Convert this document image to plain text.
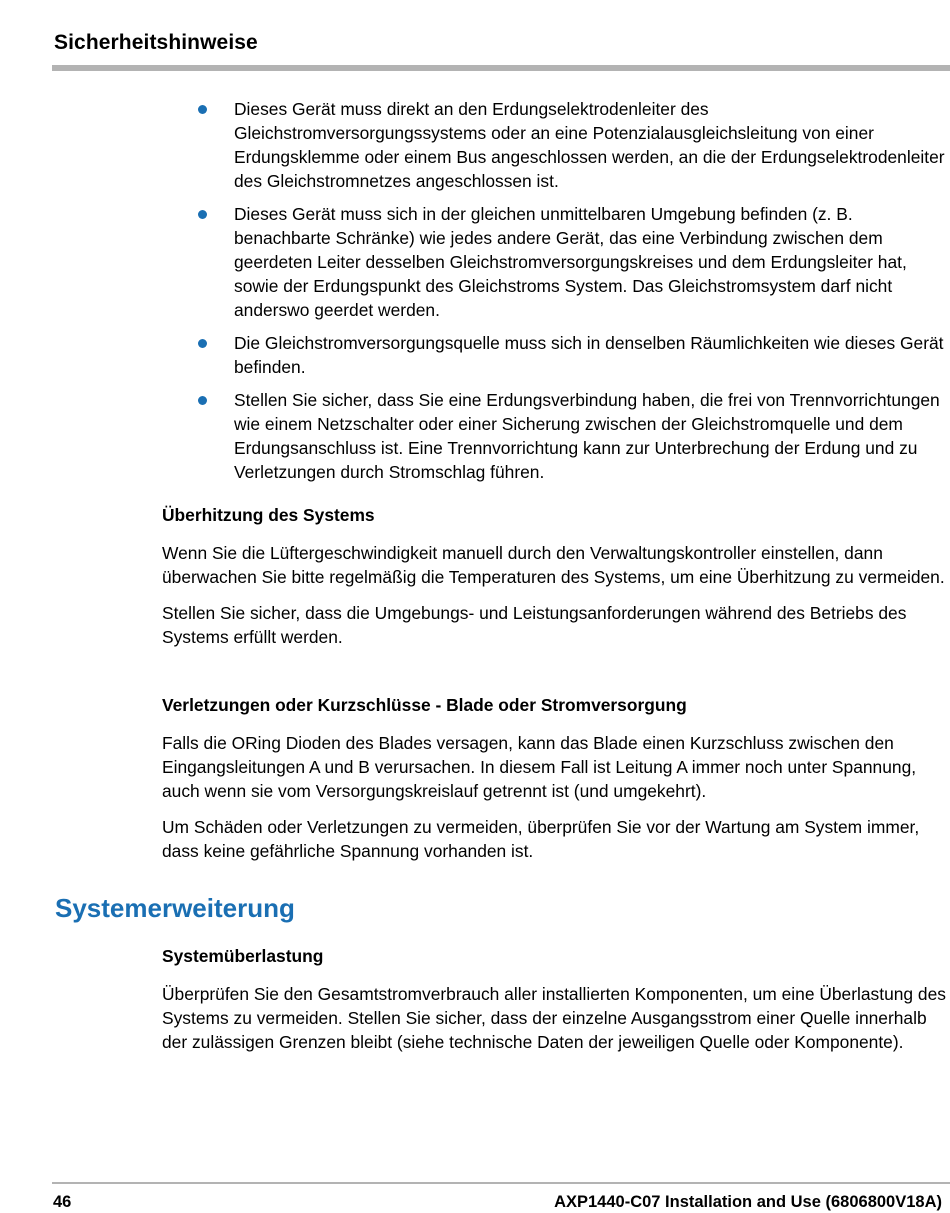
Sicherheitshinweise
Dieses Gerät muss direkt an den Erdungselektrodenleiter des Gleichstromversorgungssystems oder an eine Potenzialausgleichsleitung von einer Erdungsklemme oder einem Bus angeschlossen werden, an die der Erdungselektrodenleiter des Gleichstromnetzes angeschlossen ist.
Dieses Gerät muss sich in der gleichen unmittelbaren Umgebung befinden (z. B. benachbarte Schränke) wie jedes andere Gerät, das eine Verbindung zwischen dem geerdeten Leiter desselben Gleichstromversorgungskreises und dem Erdungsleiter hat, sowie der Erdungspunkt des Gleichstroms System. Das Gleichstromsystem darf nicht anderswo geerdet werden.
Die Gleichstromversorgungsquelle muss sich in denselben Räumlichkeiten wie dieses Gerät befinden.
Stellen Sie sicher, dass Sie eine Erdungsverbindung haben, die frei von Trennvorrichtungen wie einem Netzschalter oder einer Sicherung zwischen der Gleichstromquelle und dem Erdungsanschluss ist. Eine Trennvorrichtung kann zur Unterbrechung der Erdung und zu Verletzungen durch Stromschlag führen.
Überhitzung des Systems

Wenn Sie die Lüftergeschwindigkeit manuell durch den Verwaltungskontroller einstellen, dann überwachen Sie bitte regelmäßig die Temperaturen des Systems, um eine Überhitzung zu vermeiden.

Stellen Sie sicher, dass die Umgebungs- und Leistungsanforderungen während des Betriebs des Systems erfüllt werden.

Verletzungen oder Kurzschlüsse - Blade oder Stromversorgung

Falls die ORing Dioden des Blades versagen, kann das Blade einen Kurzschluss zwischen den Eingangsleitungen A und B verursachen. In diesem Fall ist Leitung A immer noch unter Spannung, auch wenn sie vom Versorgungskreislauf getrennt ist (und umgekehrt).

Um Schäden oder Verletzungen zu vermeiden, überprüfen Sie vor der Wartung am System immer, dass keine gefährliche Spannung vorhanden ist.

Systemerweiterung
Systemüberlastung

Überprüfen Sie den Gesamtstromverbrauch aller installierten Komponenten, um eine Überlastung des Systems zu vermeiden. Stellen Sie sicher, dass der einzelne Ausgangsstrom einer Quelle innerhalb der zulässigen Grenzen bleibt (siehe technische Daten der jeweiligen Quelle oder Komponente).

46	AXP1440-C07 Installation and Use (6806800V18A)
